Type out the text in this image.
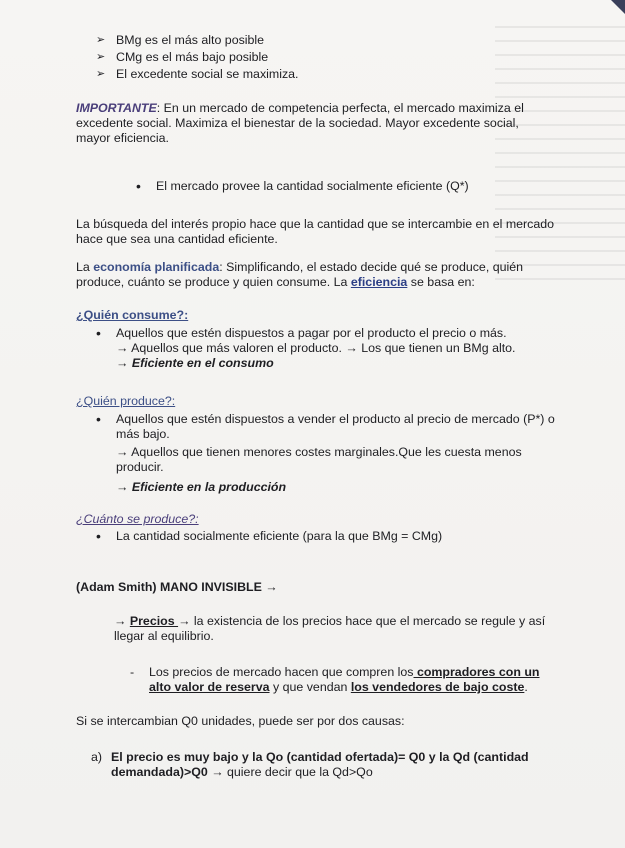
➢ BMg es el más alto posible
➢ CMg es el más bajo posible
➢ El excedente social se maximiza.
IMPORTANTE: En un mercado de competencia perfecta, el mercado maximiza el excedente social. Maximiza el bienestar de la sociedad. Mayor excedente social, mayor eficiencia.
•	El mercado provee la cantidad socialmente eficiente (Q*)
La búsqueda del interés propio hace que la cantidad que se intercambie en el mercado hace que sea una cantidad eficiente.
La economía planificada: Simplificando, el estado decide qué se produce, quién produce, cuánto se produce y quien consume. La eficiencia se basa en:
¿Quién consume?:
•	Aquellos que estén dispuestos a pagar por el producto el precio o más.
→ Aquellos que más valoren el producto. → Los que tienen un BMg alto.
→ Eficiente en el consumo
¿Quién produce?:
•	Aquellos que estén dispuestos a vender el producto al precio de mercado (P*) o más bajo.
→ Aquellos que tienen menores costes marginales.Que les cuesta menos producir.
→ Eficiente en la producción
¿Cuánto se produce?:
•	La cantidad socialmente eficiente (para la que BMg = CMg)
(Adam Smith) MANO INVISIBLE →
→ Precios → la existencia de los precios hace que el mercado se regule y así llegar al equilibrio.
-	Los precios de mercado hacen que compren los compradores con un alto valor de reserva y que vendan los vendedores de bajo coste.
Si se intercambian Q0 unidades, puede ser por dos causas:
a) El precio es muy bajo y la Qo (cantidad ofertada)= Q0 y la Qd (cantidad demandada)>Q0 → quiere decir que la Qd>Qo
